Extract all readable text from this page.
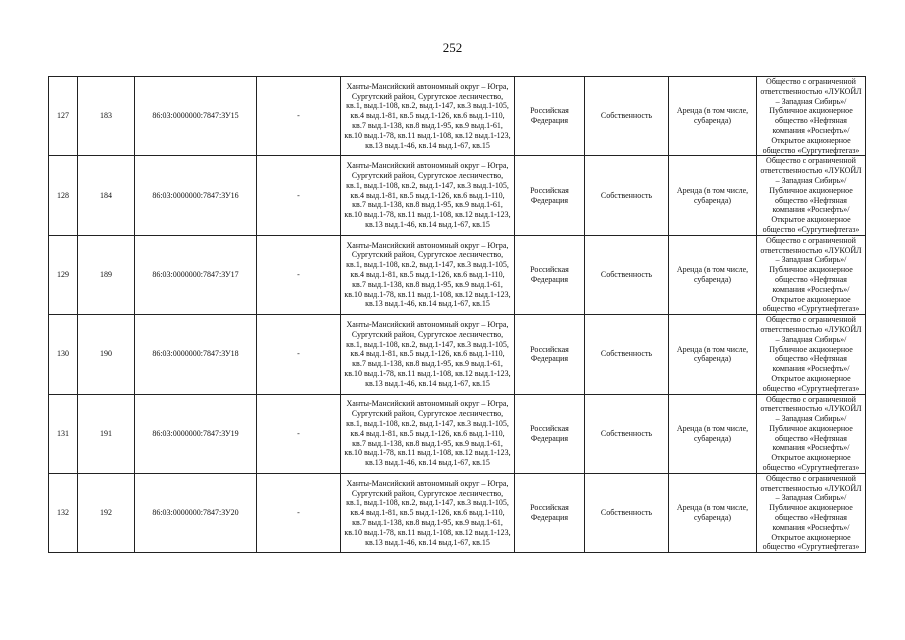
252
127	183	86:03:0000000:7847:ЗУ15	-	Ханты-Мансийский автономный округ – Югра, Сургутский район, Сургутское лесничество, кв.1, выд.1-108, кв.2, выд.1-147, кв.3 выд.1-105, кв.4 выд.1-81, кв.5 выд.1-126, кв.6 выд.1-110, кв.7 выд.1-138, кв.8 выд.1-95, кв.9 выд.1-61, кв.10 выд.1-78, кв.11 выд.1-108, кв.12 выд.1-123, кв.13 выд.1-46, кв.14 выд.1-67, кв.15	Российская Федерация	Собственность	Аренда (в том числе, субаренда)	Общество с ограниченной ответственностью «ЛУКОЙЛ – Западная Сибирь»/Публичное акционерное общество «Нефтяная компания «Роснефть»/Открытое акционерное общество «Сургутнефтегаз»
128	184	86:03:0000000:7847:ЗУ16	-	Ханты-Мансийский автономный округ – Югра, Сургутский район, Сургутское лесничество, кв.1, выд.1-108, кв.2, выд.1-147, кв.3 выд.1-105, кв.4 выд.1-81, кв.5 выд.1-126, кв.6 выд.1-110, кв.7 выд.1-138, кв.8 выд.1-95, кв.9 выд.1-61, кв.10 выд.1-78, кв.11 выд.1-108, кв.12 выд.1-123, кв.13 выд.1-46, кв.14 выд.1-67, кв.15	Российская Федерация	Собственность	Аренда (в том числе, субаренда)	Общество с ограниченной ответственностью «ЛУКОЙЛ – Западная Сибирь»/Публичное акционерное общество «Нефтяная компания «Роснефть»/Открытое акционерное общество «Сургутнефтегаз»
129	189	86:03:0000000:7847:ЗУ17	-	Ханты-Мансийский автономный округ – Югра, Сургутский район, Сургутское лесничество, кв.1, выд.1-108, кв.2, выд.1-147, кв.3 выд.1-105, кв.4 выд.1-81, кв.5 выд.1-126, кв.6 выд.1-110, кв.7 выд.1-138, кв.8 выд.1-95, кв.9 выд.1-61, кв.10 выд.1-78, кв.11 выд.1-108, кв.12 выд.1-123, кв.13 выд.1-46, кв.14 выд.1-67, кв.15	Российская Федерация	Собственность	Аренда (в том числе, субаренда)	Общество с ограниченной ответственностью «ЛУКОЙЛ – Западная Сибирь»/Публичное акционерное общество «Нефтяная компания «Роснефть»/Открытое акционерное общество «Сургутнефтегаз»
130	190	86:03:0000000:7847:ЗУ18	-	Ханты-Мансийский автономный округ – Югра, Сургутский район, Сургутское лесничество, кв.1, выд.1-108, кв.2, выд.1-147, кв.3 выд.1-105, кв.4 выд.1-81, кв.5 выд.1-126, кв.6 выд.1-110, кв.7 выд.1-138, кв.8 выд.1-95, кв.9 выд.1-61, кв.10 выд.1-78, кв.11 выд.1-108, кв.12 выд.1-123, кв.13 выд.1-46, кв.14 выд.1-67, кв.15	Российская Федерация	Собственность	Аренда (в том числе, субаренда)	Общество с ограниченной ответственностью «ЛУКОЙЛ – Западная Сибирь»/Публичное акционерное общество «Нефтяная компания «Роснефть»/Открытое акционерное общество «Сургутнефтегаз»
131	191	86:03:0000000:7847:ЗУ19	-	Ханты-Мансийский автономный округ – Югра, Сургутский район, Сургутское лесничество, кв.1, выд.1-108, кв.2, выд.1-147, кв.3 выд.1-105, кв.4 выд.1-81, кв.5 выд.1-126, кв.6 выд.1-110, кв.7 выд.1-138, кв.8 выд.1-95, кв.9 выд.1-61, кв.10 выд.1-78, кв.11 выд.1-108, кв.12 выд.1-123, кв.13 выд.1-46, кв.14 выд.1-67, кв.15	Российская Федерация	Собственность	Аренда (в том числе, субаренда)	Общество с ограниченной ответственностью «ЛУКОЙЛ – Западная Сибирь»/Публичное акционерное общество «Нефтяная компания «Роснефть»/Открытое акционерное общество «Сургутнефтегаз»
132	192	86:03:0000000:7847:ЗУ20	-	Ханты-Мансийский автономный округ – Югра, Сургутский район, Сургутское лесничество, кв.1, выд.1-108, кв.2, выд.1-147, кв.3 выд.1-105, кв.4 выд.1-81, кв.5 выд.1-126, кв.6 выд.1-110, кв.7 выд.1-138, кв.8 выд.1-95, кв.9 выд.1-61, кв.10 выд.1-78, кв.11 выд.1-108, кв.12 выд.1-123, кв.13 выд.1-46, кв.14 выд.1-67, кв.15	Российская Федерация	Собственность	Аренда (в том числе, субаренда)	Общество с ограниченной ответственностью «ЛУКОЙЛ – Западная Сибирь»/Публичное акционерное общество «Нефтяная компания «Роснефть»/Открытое акционерное общество «Сургутнефтегаз»
